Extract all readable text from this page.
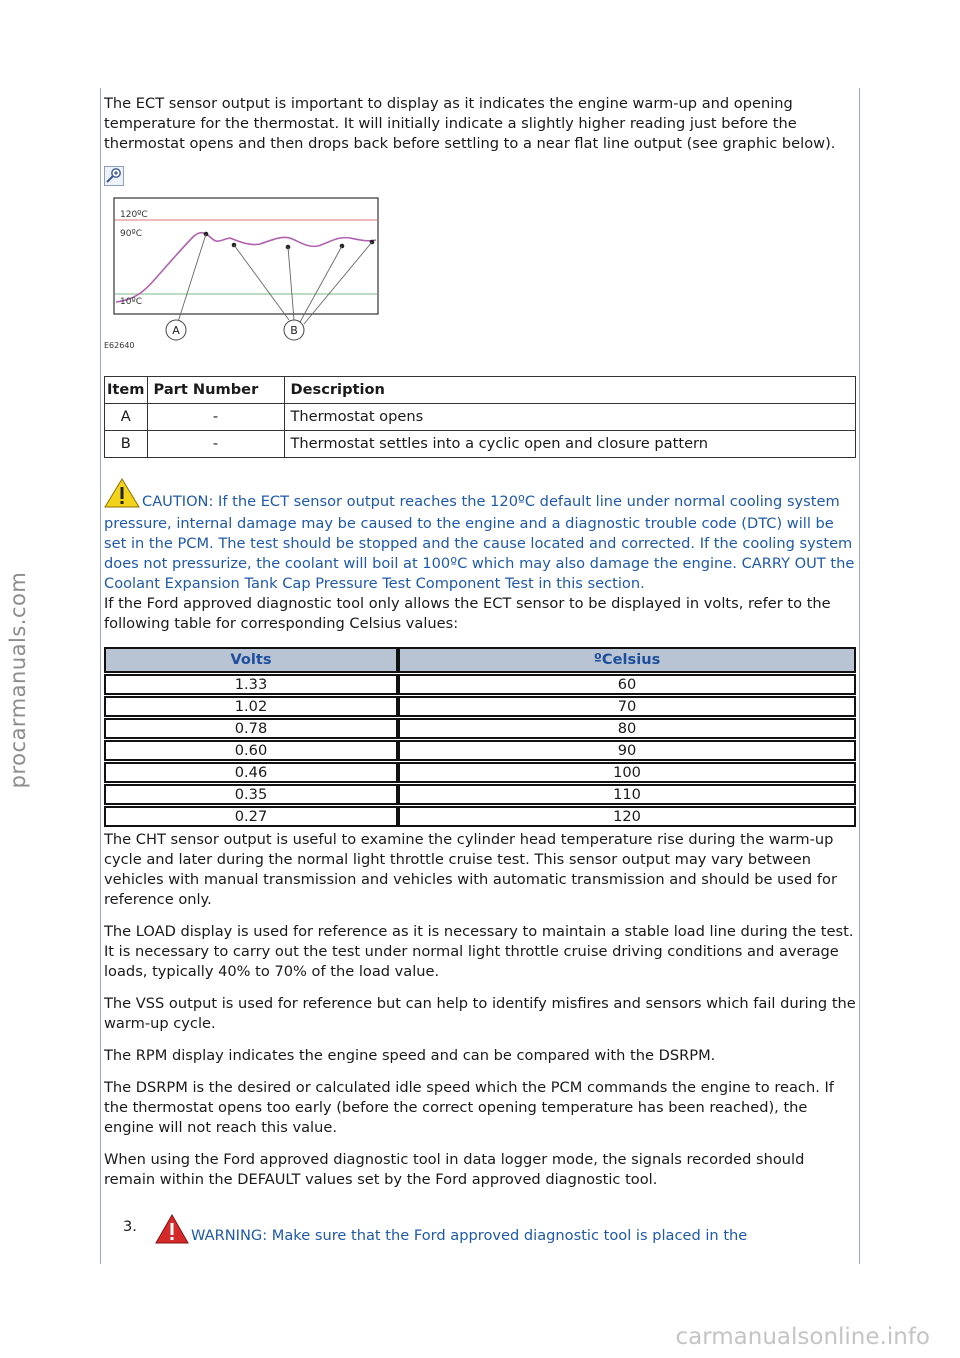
procarmanuals.com

The ECT sensor output is important to display as it indicates the engine warm-up and opening temperature for the thermostat. It will initially indicate a slightly higher reading just before the thermostat opens and then drops back before settling to a near flat line output (see graphic below).

120ºC
90ºC
10ºC
A	B
E62640
Item	Part Number	Description
A	-	Thermostat opens
B	-	Thermostat settles into a cyclic open and closure pattern

CAUTION: If the ECT sensor output reaches the 120ºC default line under normal cooling system pressure, internal damage may be caused to the engine and a diagnostic trouble code (DTC) will be set in the PCM. The test should be stopped and the cause located and corrected. If the cooling system does not pressurize, the coolant will boil at 100ºC which may also damage the engine. CARRY OUT the Coolant Expansion Tank Cap Pressure Test Component Test in this section.

If the Ford approved diagnostic tool only allows the ECT sensor to be displayed in volts, refer to the following table for corresponding Celsius values:

Volts	ºCelsius
1.33	60
1.02	70
0.78	80
0.60	90
0.46	100
0.35	110
0.27	120

The CHT sensor output is useful to examine the cylinder head temperature rise during the warm-up cycle and later during the normal light throttle cruise test. This sensor output may vary between vehicles with manual transmission and vehicles with automatic transmission and should be used for reference only.

The LOAD display is used for reference as it is necessary to maintain a stable load line during the test. It is necessary to carry out the test under normal light throttle cruise driving conditions and average loads, typically 40% to 70% of the load value.

The VSS output is used for reference but can help to identify misfires and sensors which fail during the warm-up cycle.

The RPM display indicates the engine speed and can be compared with the DSRPM.

The DSRPM is the desired or calculated idle speed which the PCM commands the engine to reach. If the thermostat opens too early (before the correct opening temperature has been reached), the engine will not reach this value.

When using the Ford approved diagnostic tool in data logger mode, the signals recorded should remain within the DEFAULT values set by the Ford approved diagnostic tool.

3.
WARNING: Make sure that the Ford approved diagnostic tool is placed in the
carmanualsonline.info
